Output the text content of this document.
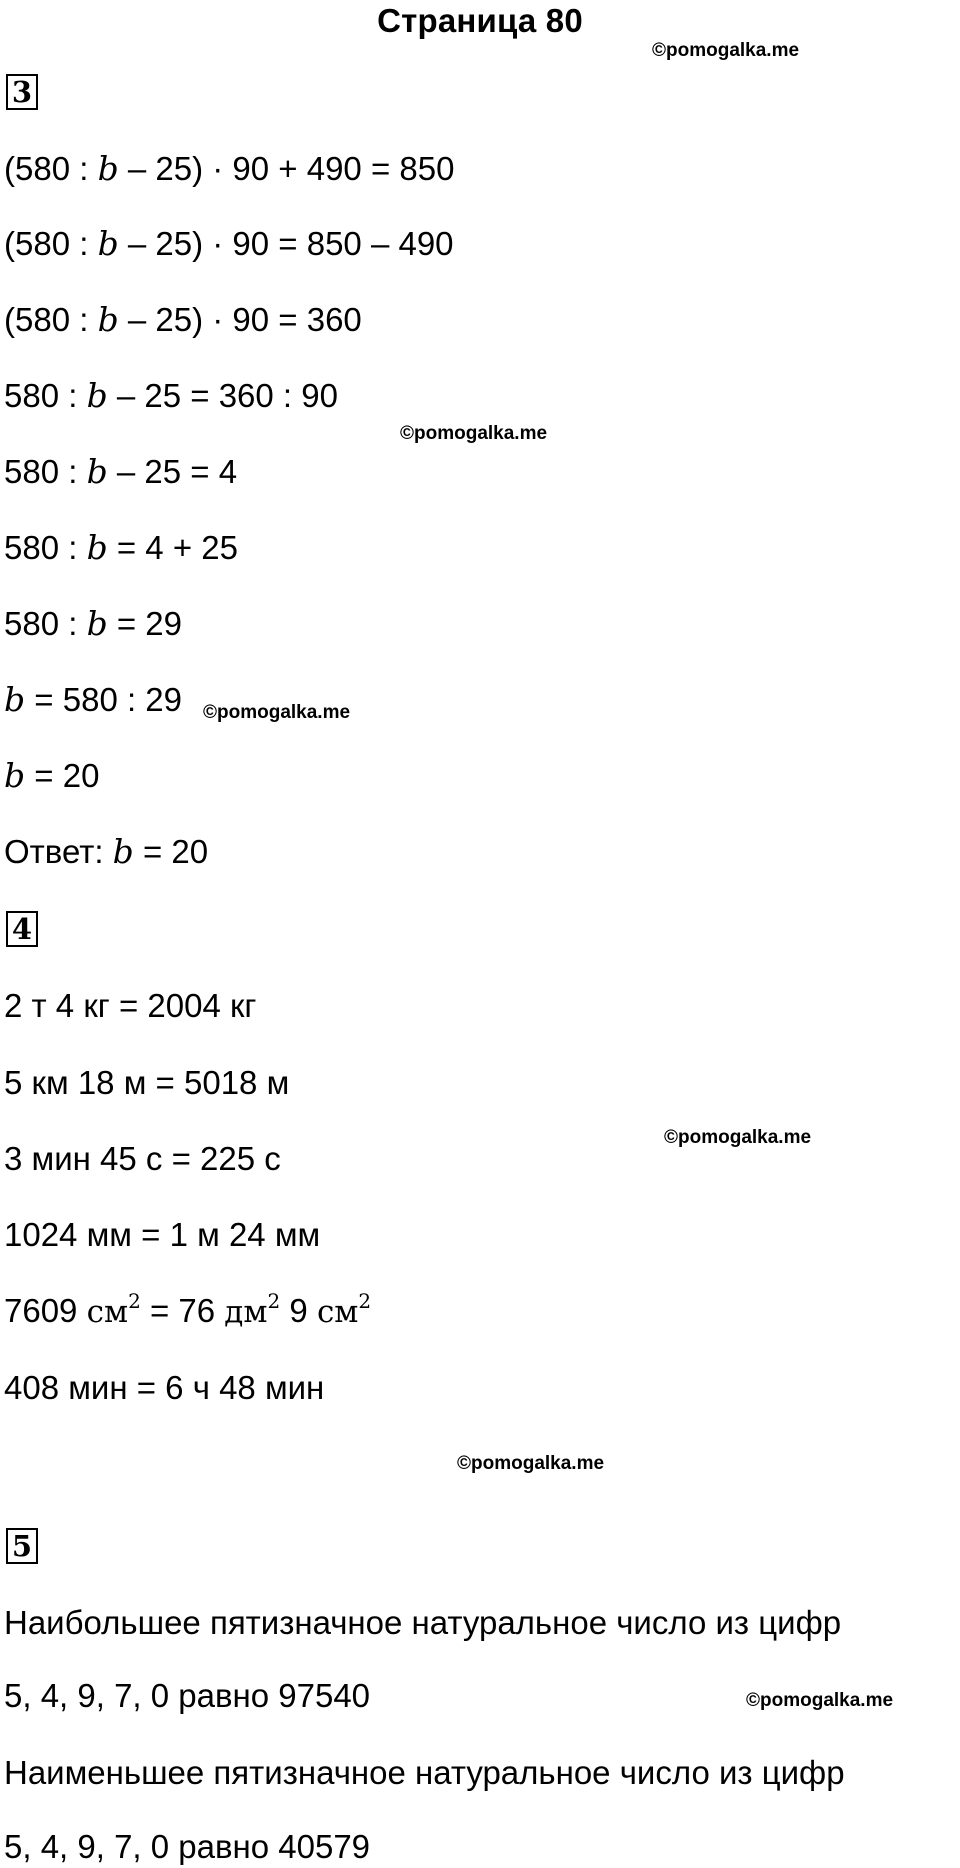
Страница 80
©pomogalka.me
©pomogalka.me
©pomogalka.me
©pomogalka.me
©pomogalka.me
©pomogalka.me
3
(580 : b – 25) · 90 + 490 = 850
(580 : b – 25) · 90 = 850 – 490
(580 : b – 25) · 90 = 360
580 : b – 25 = 360 : 90
580 : b – 25 = 4
580 : b = 4 + 25
580 : b = 29
b = 580 : 29
b = 20
Ответ: b = 20
4
2 т 4 кг = 2004 кг
5 км 18 м = 5018 м
3 мин 45 с = 225 с
1024 мм = 1 м 24 мм
7609 $см^2 = 76$ $дм^2$ 9 $см^2$
408 мин = 6 ч 48 мин
5
Наибольшее пятизначное натуральное число из цифр
5, 4, 9, 7, 0 равно 97540
Наименьшее пятизначное натуральное число из цифр
5, 4, 9, 7, 0 равно 40579
